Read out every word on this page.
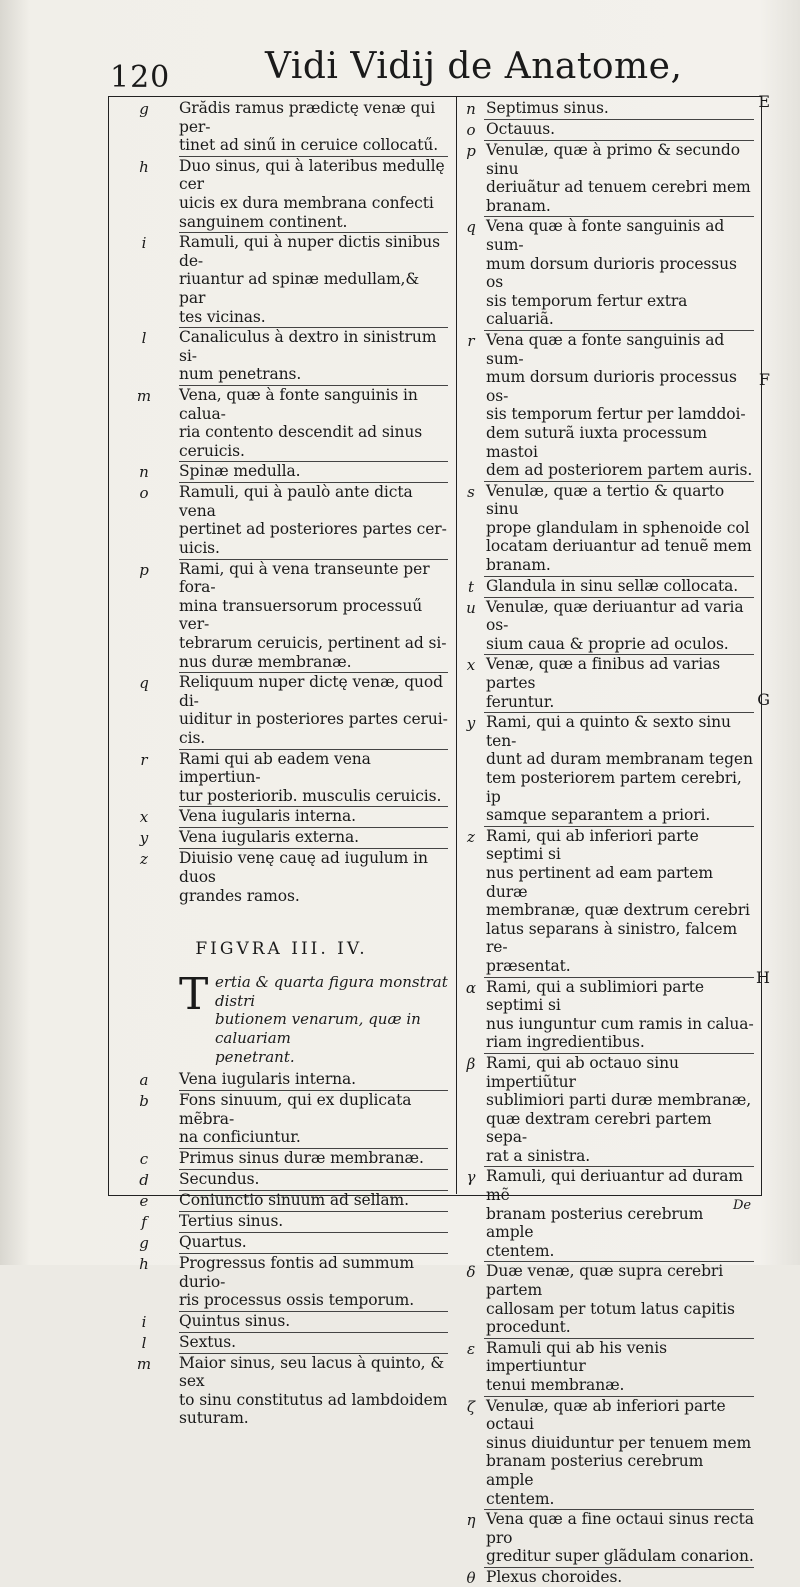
120	Vidi Vidij de Anatome,
g	Grădis ramus prædictę venæ qui per-
tinet ad sinű in ceruice collocatű.
h	Duo sinus, qui à lateribus medullę cer
uicis ex dura membrana confecti
sanguinem continent.
i	Ramuli, qui à nuper dictis sinibus de-
riuantur ad spinæ medullam,& par
tes vicinas.
l	Canaliculus à dextro in sinistrum si-
num penetrans.
m	Vena, quæ à fonte sanguinis in calua-
ria contento descendit ad sinus
ceruicis.
n	Spinæ medulla.
o	Ramuli, qui à paulò ante dicta vena
pertinet ad posteriores partes cer-
uicis.
p	Rami, qui à vena transeunte per fora-
mina transuersorum processuű ver-
tebrarum ceruicis, pertinent ad si-
nus duræ membranæ.
q	Reliquum nuper dictę venæ, quod di-
uiditur in posteriores partes cerui-
cis.
r	Rami qui ab eadem vena impertiun-
tur posteriorib. musculis ceruicis.
x	Vena iugularis interna.
y	Vena iugularis externa.
z	Diuisio venę cauę ad iugulum in duos
grandes ramos.
FIGVRA III. IV.
T ertia & quarta figura monstrat distri
butionem venarum, quæ in caluariam
penetrant.
a	Vena iugularis interna.
b	Fons sinuum, qui ex duplicata mẽbra-
na conficiuntur.
c	Primus sinus duræ membranæ.
d	Secundus.
e	Coniunctio sinuum ad sellam.
f	Tertius sinus.
g	Quartus.
h	Progressus fontis ad summum durio-
ris processus ossis temporum.
i	Quintus sinus.
l	Sextus.
m	Maior sinus, seu lacus à quinto, & sex
to sinu constitutus ad lambdoidem
suturam.
n Septimus sinus.
o Octauus.
p Venulæ, quæ à primo & secundo sinu
deriuãtur ad tenuem cerebri mem
branam.
q Vena quæ à fonte sanguinis ad sum-
mum dorsum durioris processus os
sis temporum fertur extra caluariã.
r Vena quæ a fonte sanguinis ad sum-
mum dorsum durioris processus os-
sis temporum fertur per lamddoi-
dem suturã iuxta processum mastoi
dem ad posteriorem partem auris.
s Venulæ, quæ a tertio & quarto sinu
prope glandulam in sphenoide col
locatam deriuantur ad tenuẽ mem
branam.
t Glandula in sinu sellæ collocata.
u Venulæ, quæ deriuantur ad varia os-
sium caua & proprie ad oculos.
x Venæ, quæ a finibus ad varias partes
feruntur.
y Rami, qui a quinto & sexto sinu ten-
dunt ad duram membranam tegen
tem posteriorem partem cerebri, ip
samque separantem a priori.
z Rami, qui ab inferiori parte septimi si
nus pertinent ad eam partem duræ
membranæ, quæ dextrum cerebri
latus separans à sinistro, falcem re-
præsentat.
α Rami, qui a sublimiori parte septimi si
nus iunguntur cum ramis in calua-
riam ingredientibus.
β Rami, qui ab octauo sinu impertiũtur
sublimiori parti duræ membranæ,
quæ dextram cerebri partem sepa-
rat a sinistra.
γ Ramuli, qui deriuantur ad duram mẽ
branam posterius cerebrum ample
ctentem.
δ Duæ venæ, quæ supra cerebri partem
callosam per totum latus capitis
procedunt.
ε Ramuli qui ab his venis impertiuntur
tenui membranæ.
ζ Venulæ, quæ ab inferiori parte octaui
sinus diuiduntur per tenuem mem
branam posterius cerebrum ample
ctentem.
η Vena quæ a fine octaui sinus recta pro
greditur super glãdulam conarion.
θ Plexus choroides.
E
F
G
H
De
